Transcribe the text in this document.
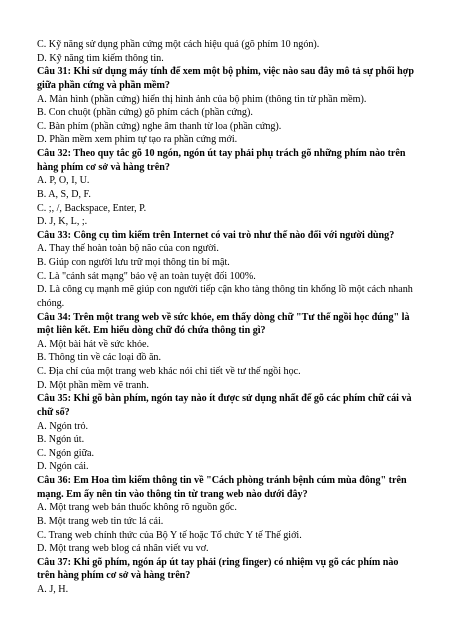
C. Kỹ năng sử dụng phần cứng một cách hiệu quả (gõ phím 10 ngón).
D. Kỹ năng tìm kiếm thông tin.
Câu 31: Khi sử dụng máy tính để xem một bộ phim, việc nào sau đây mô tả sự phối hợp giữa phần cứng và phần mềm?
A. Màn hình (phần cứng) hiển thị hình ảnh của bộ phim (thông tin từ phần mềm).
B. Con chuột (phần cứng) gõ phím cách (phần cứng).
C. Bàn phím (phần cứng) nghe âm thanh từ loa (phần cứng).
D. Phần mềm xem phim tự tạo ra phần cứng mới.
Câu 32: Theo quy tắc gõ 10 ngón, ngón út tay phải phụ trách gõ những phím nào trên hàng phím cơ sở và hàng trên?
A. P, O, I, U.
B. A, S, D, F.
C. ;, /, Backspace, Enter, P.
D. J, K, L, ;.
Câu 33: Công cụ tìm kiếm trên Internet có vai trò như thế nào đối với người dùng?
A. Thay thế hoàn toàn bộ não của con người.
B. Giúp con người lưu trữ mọi thông tin bí mật.
C. Là "cảnh sát mạng" bảo vệ an toàn tuyệt đối 100%.
D. Là công cụ mạnh mẽ giúp con người tiếp cận kho tàng thông tin khổng lồ một cách nhanh chóng.
Câu 34: Trên một trang web về sức khỏe, em thấy dòng chữ "Tư thế ngồi học đúng" là một liên kết. Em hiểu dòng chữ đó chứa thông tin gì?
A. Một bài hát về sức khỏe.
B. Thông tin về các loại đồ ăn.
C. Địa chỉ của một trang web khác nói chi tiết về tư thế ngồi học.
D. Một phần mềm vẽ tranh.
Câu 35: Khi gõ bàn phím, ngón tay nào ít được sử dụng nhất để gõ các phím chữ cái và chữ số?
A. Ngón trỏ.
B. Ngón út.
C. Ngón giữa.
D. Ngón cái.
Câu 36: Em Hoa tìm kiếm thông tin về "Cách phòng tránh bệnh cúm mùa đông" trên mạng. Em ấy nên tin vào thông tin từ trang web nào dưới đây?
A. Một trang web bán thuốc không rõ nguồn gốc.
B. Một trang web tin tức lá cải.
C. Trang web chính thức của Bộ Y tế hoặc Tổ chức Y tế Thế giới.
D. Một trang web blog cá nhân viết vu vơ.
Câu 37: Khi gõ phím, ngón áp út tay phải (ring finger) có nhiệm vụ gõ các phím nào trên hàng phím cơ sở và hàng trên?
A. J, H.
